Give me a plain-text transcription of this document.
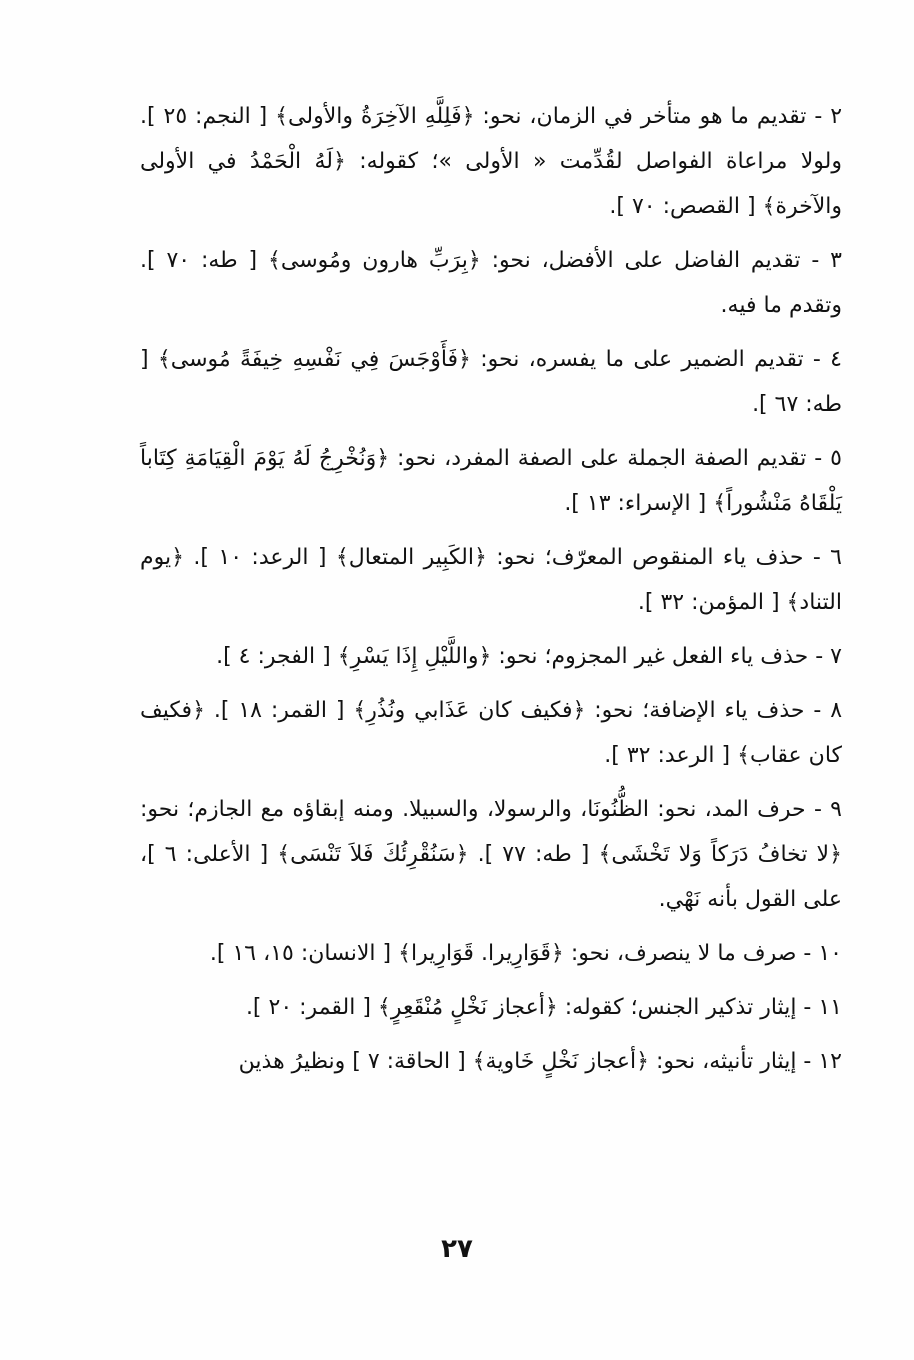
٢ - تقديم ما هو متأخر في الزمان، نحو: ﴿فَلِلَّهِ الآخِرَةُ والأولى﴾ [ النجم: ٢٥ ]. ولولا مراعاة الفواصل لقُدِّمت « الأولى »؛ كقوله: ﴿لَهُ الْحَمْدُ في الأولى والآخرة﴾ [ القصص: ٧٠ ].

٣ - تقديم الفاضل على الأفضل، نحو: ﴿بِرَبِّ هارون ومُوسى﴾ [ طه: ٧٠ ]. وتقدم ما فيه.

٤ - تقديم الضمير على ما يفسره، نحو: ﴿فَأَوْجَسَ فِي نَفْسِهِ خِيفَةً مُوسى﴾ [ طه: ٦٧ ].

٥ - تقديم الصفة الجملة على الصفة المفرد، نحو: ﴿وَنُخْرِجُ لَهُ يَوْمَ الْقِيَامَةِ كِتَاباً يَلْقَاهُ مَنْشُوراً﴾ [ الإسراء: ١٣ ].

٦ - حذف ياء المنقوص المعرّف؛ نحو: ﴿الكَبِير المتعال﴾ [ الرعد: ١٠ ]. ﴿يوم التناد﴾ [ المؤمن: ٣٢ ].

٧ - حذف ياء الفعل غير المجزوم؛ نحو: ﴿واللَّيْلِ إِذَا يَسْرِ﴾ [ الفجر: ٤ ].

٨ - حذف ياء الإضافة؛ نحو: ﴿فكيف كان عَذَابي ونُذُرِ﴾ [ القمر: ١٨ ]. ﴿فكيف كان عقاب﴾ [ الرعد: ٣٢ ].

٩ - حرف المد، نحو: الظُّنُونَا، والرسولا، والسبيلا. ومنه إبقاؤه مع الجازم؛ نحو: ﴿لا تخافُ دَرَكاً وَلا تَخْشَى﴾ [ طه: ٧٧ ]. ﴿سَنُقْرِئُكَ فَلاَ تَنْسَى﴾ [ الأعلى: ٦ ]، على القول بأنه نَهْي.

١٠ - صرف ما لا ينصرف، نحو: ﴿قَوَارِيرا. قَوَارِيرا﴾ [ الانسان: ١٥، ١٦ ].

١١ - إيثار تذكير الجنس؛ كقوله: ﴿أعجاز نَخْلٍ مُنْقَعِرٍ﴾ [ القمر: ٢٠ ].

١٢ - إيثار تأنيثه، نحو: ﴿أعجاز نَخْلٍ خَاوية﴾ [ الحاقة: ٧ ] ونظيرُ هذين

٢٧
